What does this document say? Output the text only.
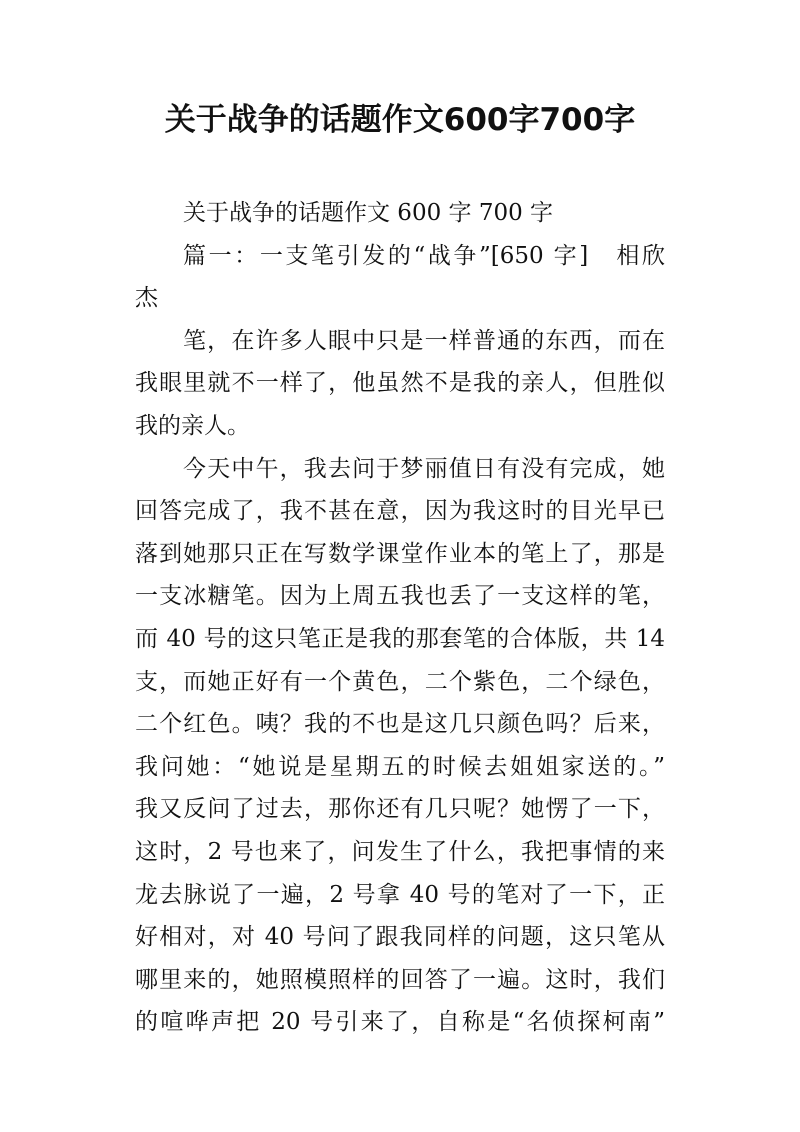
关于战争的话题作文600字700字
关于战争的话题作文 600 字 700 字
篇一：一支笔引发的“战争”[650 字]　相欣
杰
笔，在许多人眼中只是一样普通的东西，而在
我眼里就不一样了，他虽然不是我的亲人，但胜似
我的亲人。
今天中午，我去问于梦丽值日有没有完成，她
回答完成了，我不甚在意，因为我这时的目光早已
落到她那只正在写数学课堂作业本的笔上了，那是
一支冰糖笔。因为上周五我也丢了一支这样的笔，
而 40 号的这只笔正是我的那套笔的合体版，共 14
支，而她正好有一个黄色，二个紫色，二个绿色，
二个红色。咦？我的不也是这几只颜色吗？后来，
我问她：“她说是星期五的时候去姐姐家送的。”
我又反问了过去，那你还有几只呢？她愣了一下，
这时，2 号也来了，问发生了什么，我把事情的来
龙去脉说了一遍，2 号拿 40 号的笔对了一下，正
好相对，对 40 号问了跟我同样的问题，这只笔从
哪里来的，她照模照样的回答了一遍。这时，我们
的喧哗声把 20 号引来了，自称是“名侦探柯南”
